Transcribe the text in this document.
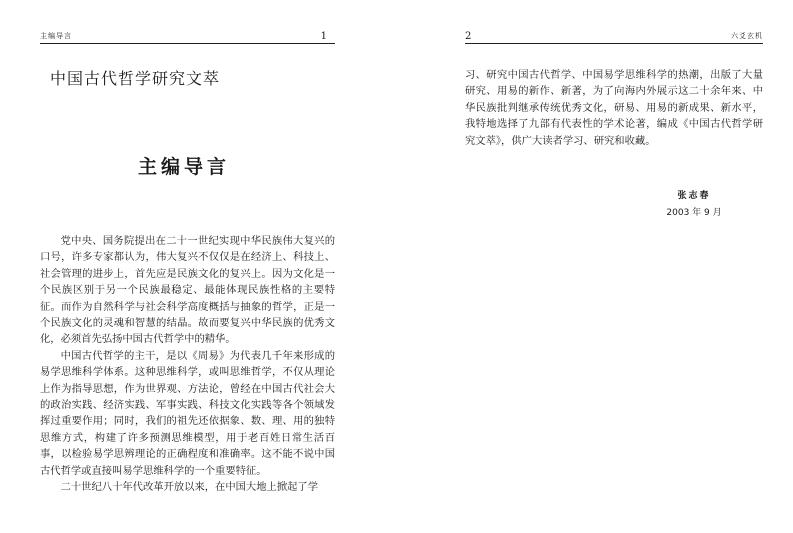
主编导言	1
中国古代哲学研究文萃
主编导言

党中央、国务院提出在二十一世纪实现中华民族伟大复兴的口号，许多专家都认为，伟大复兴不仅仅是在经济上、科技上、社会管理的进步上，首先应是民族文化的复兴上。因为文化是一个民族区别于另一个民族最稳定、最能体现民族性格的主要特征。而作为自然科学与社会科学高度概括与抽象的哲学，正是一个民族文化的灵魂和智慧的结晶。故而要复兴中华民族的优秀文化，必须首先弘扬中国古代哲学中的精华。

中国古代哲学的主干，是以《周易》为代表几千年来形成的易学思维科学体系。这种思维科学，或叫思维哲学，不仅从理论上作为指导思想，作为世界观、方法论，曾经在中国古代社会大的政治实践、经济实践、军事实践、科技文化实践等各个领域发挥过重要作用；同时，我们的祖先还依据象、数、理、用的独特思维方式，构建了许多预测思维模型，用于老百姓日常生活百事，以检验易学思辨理论的正确程度和准确率。这不能不说中国古代哲学或直接叫易学思维科学的一个重要特征。

二十世纪八十年代改革开放以来，在中国大地上掀起了学

2	六爻玄机

习、研究中国古代哲学、中国易学思维科学的热潮，出版了大量研究、用易的新作、新著，为了向海内外展示这二十余年来、中华民族批判继承传统优秀文化，研易、用易的新成果、新水平，我特地选择了九部有代表性的学术论著，编成《中国古代哲学研究文萃》，供广大读者学习、研究和收藏。

张志春
2003 年 9 月
